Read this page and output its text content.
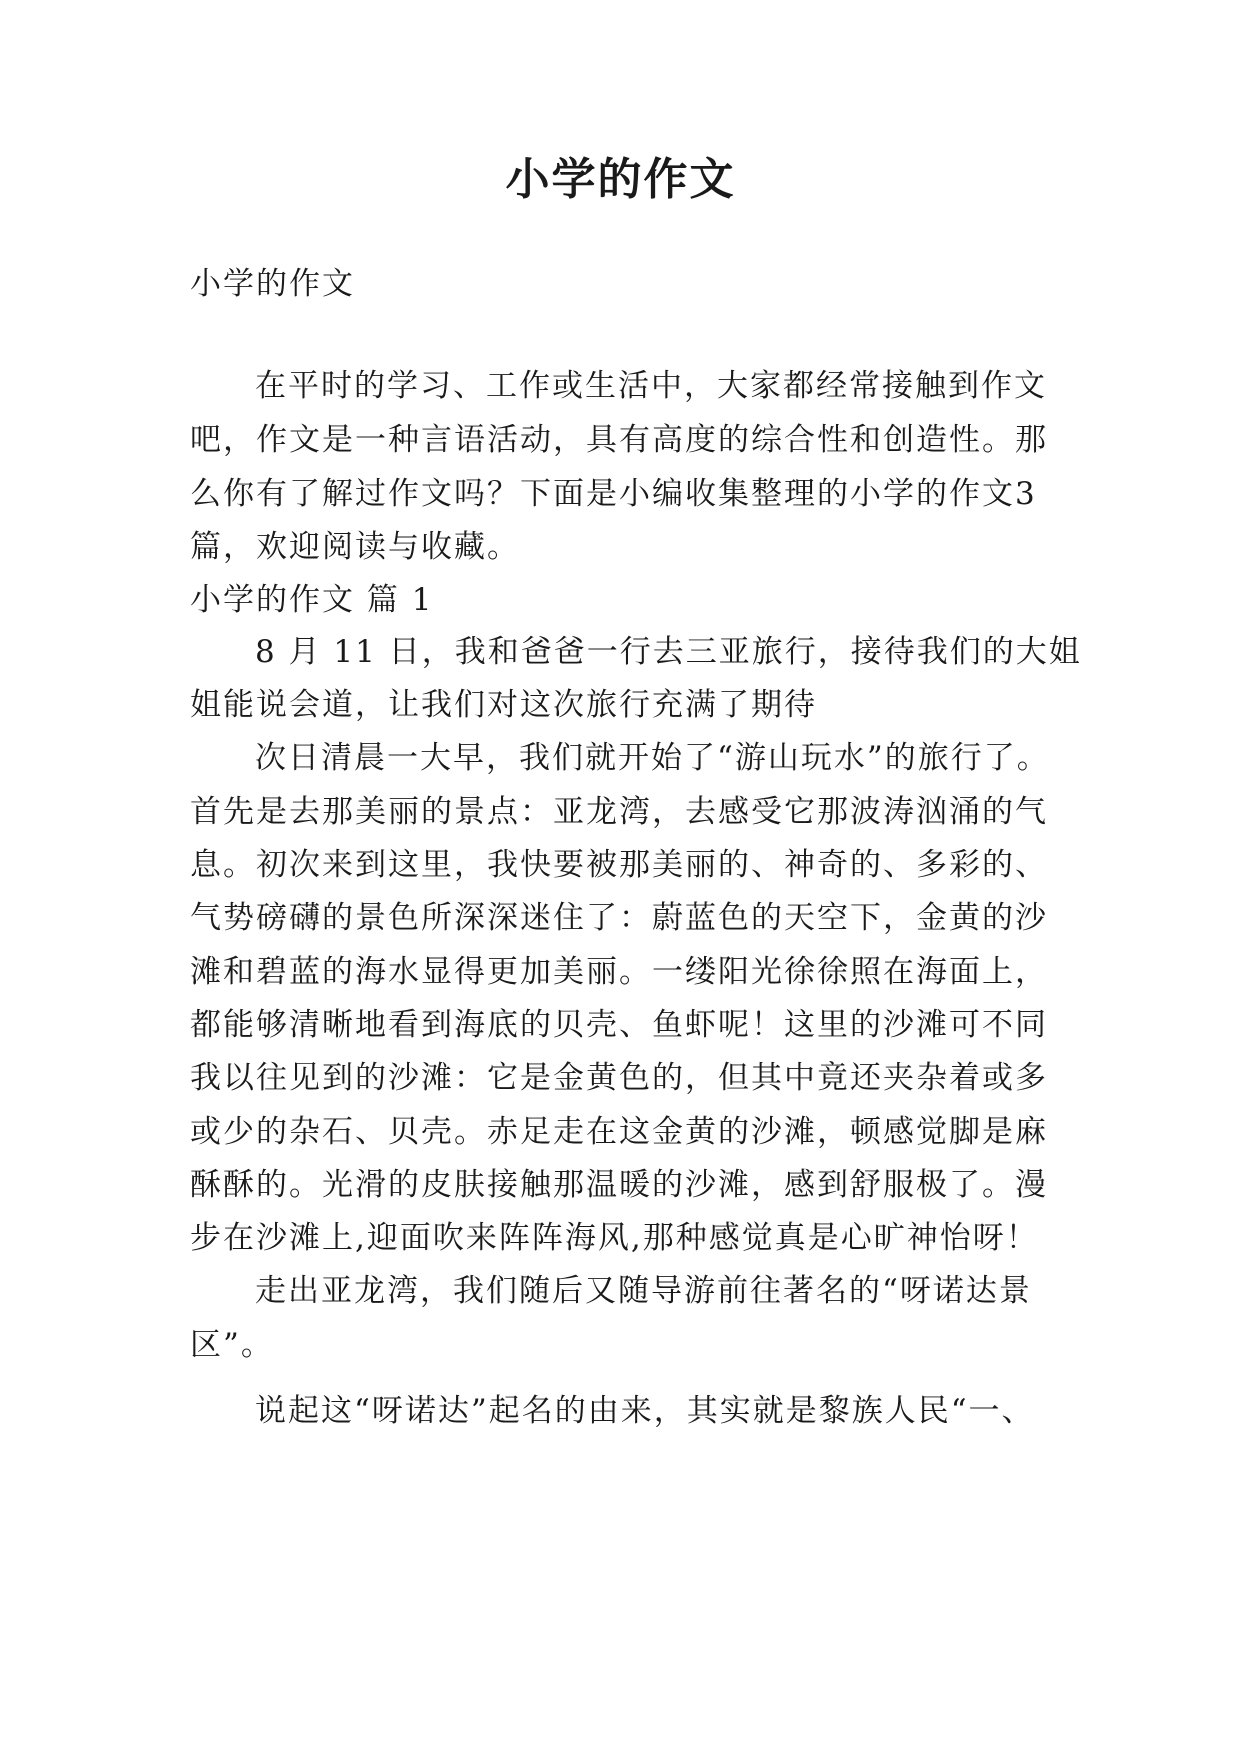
小学的作文
小学的作文
在平时的学习、工作或生活中，大家都经常接触到作文
吧，作文是一种言语活动，具有高度的综合性和创造性。那
么你有了解过作文吗？下面是小编收集整理的小学的作文3
篇，欢迎阅读与收藏。
小学的作文 篇 1
8 月 11 日，我和爸爸一行去三亚旅行，接待我们的大姐
姐能说会道，让我们对这次旅行充满了期待
次日清晨一大早，我们就开始了“游山玩水”的旅行了。
首先是去那美丽的景点：亚龙湾，去感受它那波涛汹涌的气
息。初次来到这里，我快要被那美丽的、神奇的、多彩的、
气势磅礴的景色所深深迷住了：蔚蓝色的天空下，金黄的沙
滩和碧蓝的海水显得更加美丽。一缕阳光徐徐照在海面上，
都能够清晰地看到海底的贝壳、鱼虾呢！这里的沙滩可不同
我以往见到的沙滩：它是金黄色的，但其中竟还夹杂着或多
或少的杂石、贝壳。赤足走在这金黄的沙滩，顿感觉脚是麻
酥酥的。光滑的皮肤接触那温暖的沙滩，感到舒服极了。漫
步在沙滩上,迎面吹来阵阵海风,那种感觉真是心旷神怡呀！
走出亚龙湾，我们随后又随导游前往著名的“呀诺达景
区”。
说起这“呀诺达”起名的由来，其实就是黎族人民“一、
